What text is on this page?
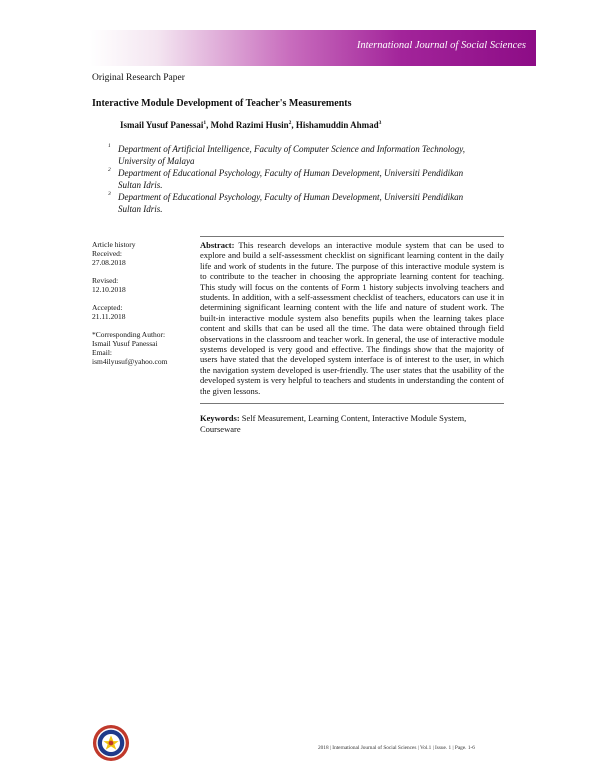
International Journal of Social Sciences
Original Research Paper
Interactive Module Development of Teacher's Measurements
Ismail Yusuf Panessai$^1$, Mohd Razimi Husin$^2$, Hishamuddin Ahmad$^3$
1 Department of Artificial Intelligence, Faculty of Computer Science and Information Technology, University of Malaya
2 Department of Educational Psychology, Faculty of Human Development, Universiti Pendidikan Sultan Idris.
3 Department of Educational Psychology, Faculty of Human Development, Universiti Pendidikan Sultan Idris.
Article history
Received:
27.08.2018
Revised:
12.10.2018
Accepted:
21.11.2018
*Corresponding Author:
Ismail Yusuf Panessai
Email:
ism4ilyusuf@yahoo.com
Abstract: This research develops an interactive module system that can be used to explore and build a self-assessment checklist on significant learning content in the daily life and work of students in the future. The purpose of this interactive module system is to contribute to the teacher in choosing the appropriate learning content for teaching. This study will focus on the contents of Form 1 history subjects involving teachers and students. In addition, with a self-assessment checklist of teachers, educators can use it in determining significant learning content with the life and nature of student work. The built-in interactive module system also benefits pupils when the learning takes place content and skills that can be used all the time. The data were obtained through field observations in the classroom and teacher work. In general, the use of interactive module systems developed is very good and effective. The findings show that the majority of users have stated that the developed system interface is of interest to the user, in which the navigation system developed is user-friendly. The user states that the usability of the developed system is very helpful to teachers and students in understanding the content of the given lessons.
Keywords: Self Measurement, Learning Content, Interactive Module System, Courseware
2018 | International Journal of Social Sciences | Vol.1 | Issue. 1 | Page. 1-6
